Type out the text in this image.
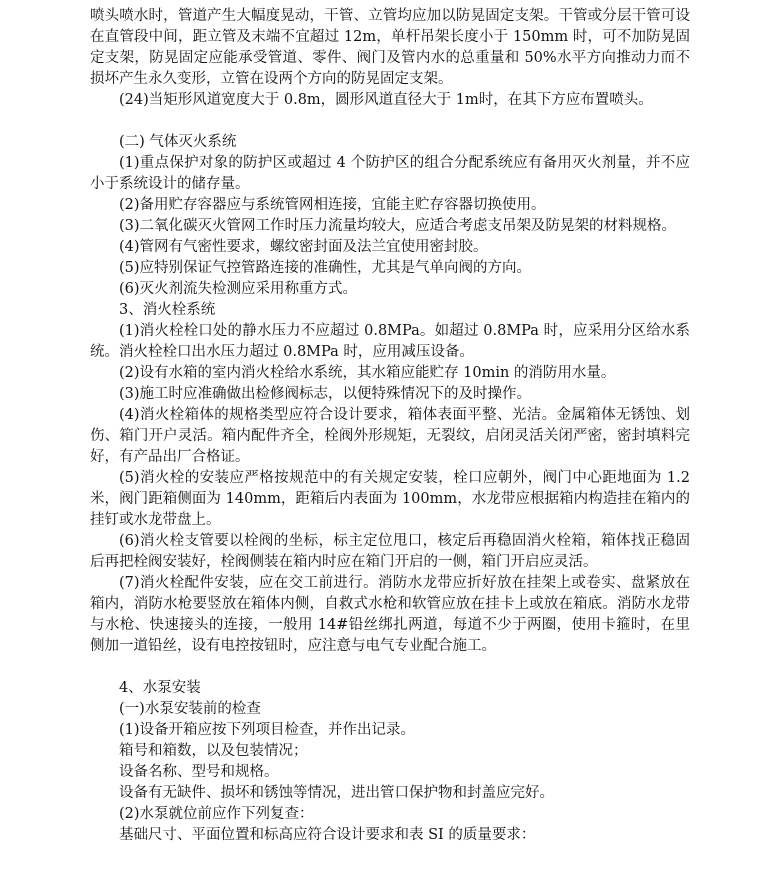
喷头喷水时，管道产生大幅度晃动，干管、立管均应加以防晃固定支架。干管或分层干管可设在直管段中间，距立管及末端不宜超过 12m，单杆吊架长度小于 150mm 时，可不加防晃固定支架，防晃固定应能承受管道、零件、阀门及管内水的总重量和 50%水平方向推动力而不损坏产生永久变形，立管在设两个方向的防晃固定支架。

(24)当矩形风道宽度大于 0.8m，圆形风道直径大于 1m时，在其下方应布置喷头。

(二) 气体灭火系统

(1)重点保护对象的防护区或超过 4 个防护区的组合分配系统应有备用灭火剂量，并不应小于系统设计的储存量。

(2)备用贮存容器应与系统管网相连接，宜能主贮存容器切换使用。

(3)二氧化碳灭火管网工作时压力流量均较大，应适合考虑支吊架及防晃架的材料规格。

(4)管网有气密性要求，螺纹密封面及法兰宜使用密封胶。

(5)应特别保证气控管路连接的准确性，尤其是气单向阀的方向。

(6)灭火剂流失检测应采用称重方式。

3、消火栓系统

(1)消火栓栓口处的静水压力不应超过 0.8MPa。如超过 0.8MPa 时，应采用分区给水系统。消火栓栓口出水压力超过 0.8MPa 时，应用减压设备。

(2)设有水箱的室内消火栓给水系统，其水箱应能贮存 10min 的消防用水量。

(3)施工时应准确做出检修阀标志，以便特殊情况下的及时操作。

(4)消火栓箱体的规格类型应符合设计要求，箱体表面平整、光洁。金属箱体无锈蚀、划伤、箱门开户灵活。箱内配件齐全，栓阀外形规矩，无裂纹，启闭灵活关闭严密，密封填料完好，有产品出厂合格证。

(5)消火栓的安装应严格按规范中的有关规定安装，栓口应朝外，阀门中心距地面为 1.2 米，阀门距箱侧面为 140mm，距箱后内表面为 100mm，水龙带应根据箱内构造挂在箱内的挂钉或水龙带盘上。

(6)消火栓支管要以栓阀的坐标，标主定位甩口，核定后再稳固消火栓箱，箱体找正稳固后再把栓阀安装好，栓阀侧装在箱内时应在箱门开启的一侧，箱门开启应灵活。

(7)消火栓配件安装，应在交工前进行。消防水龙带应折好放在挂架上或卷实、盘紧放在箱内，消防水枪要竖放在箱体内侧，自救式水枪和软管应放在挂卡上或放在箱底。消防水龙带与水枪、快速接头的连接，一般用 14#铅丝绑扎两道，每道不少于两圈，使用卡箍时，在里侧加一道铅丝，设有电控按钮时，应注意与电气专业配合施工。

4、水泵安装

(一)水泵安装前的检查

(1)设备开箱应按下列项目检查，并作出记录。

箱号和箱数，以及包装情况；

设备名称、型号和规格。

设备有无缺件、损坏和锈蚀等情况，进出管口保护物和封盖应完好。

(2)水泵就位前应作下列复查：

基础尺寸、平面位置和标高应符合设计要求和表 SI 的质量要求：
